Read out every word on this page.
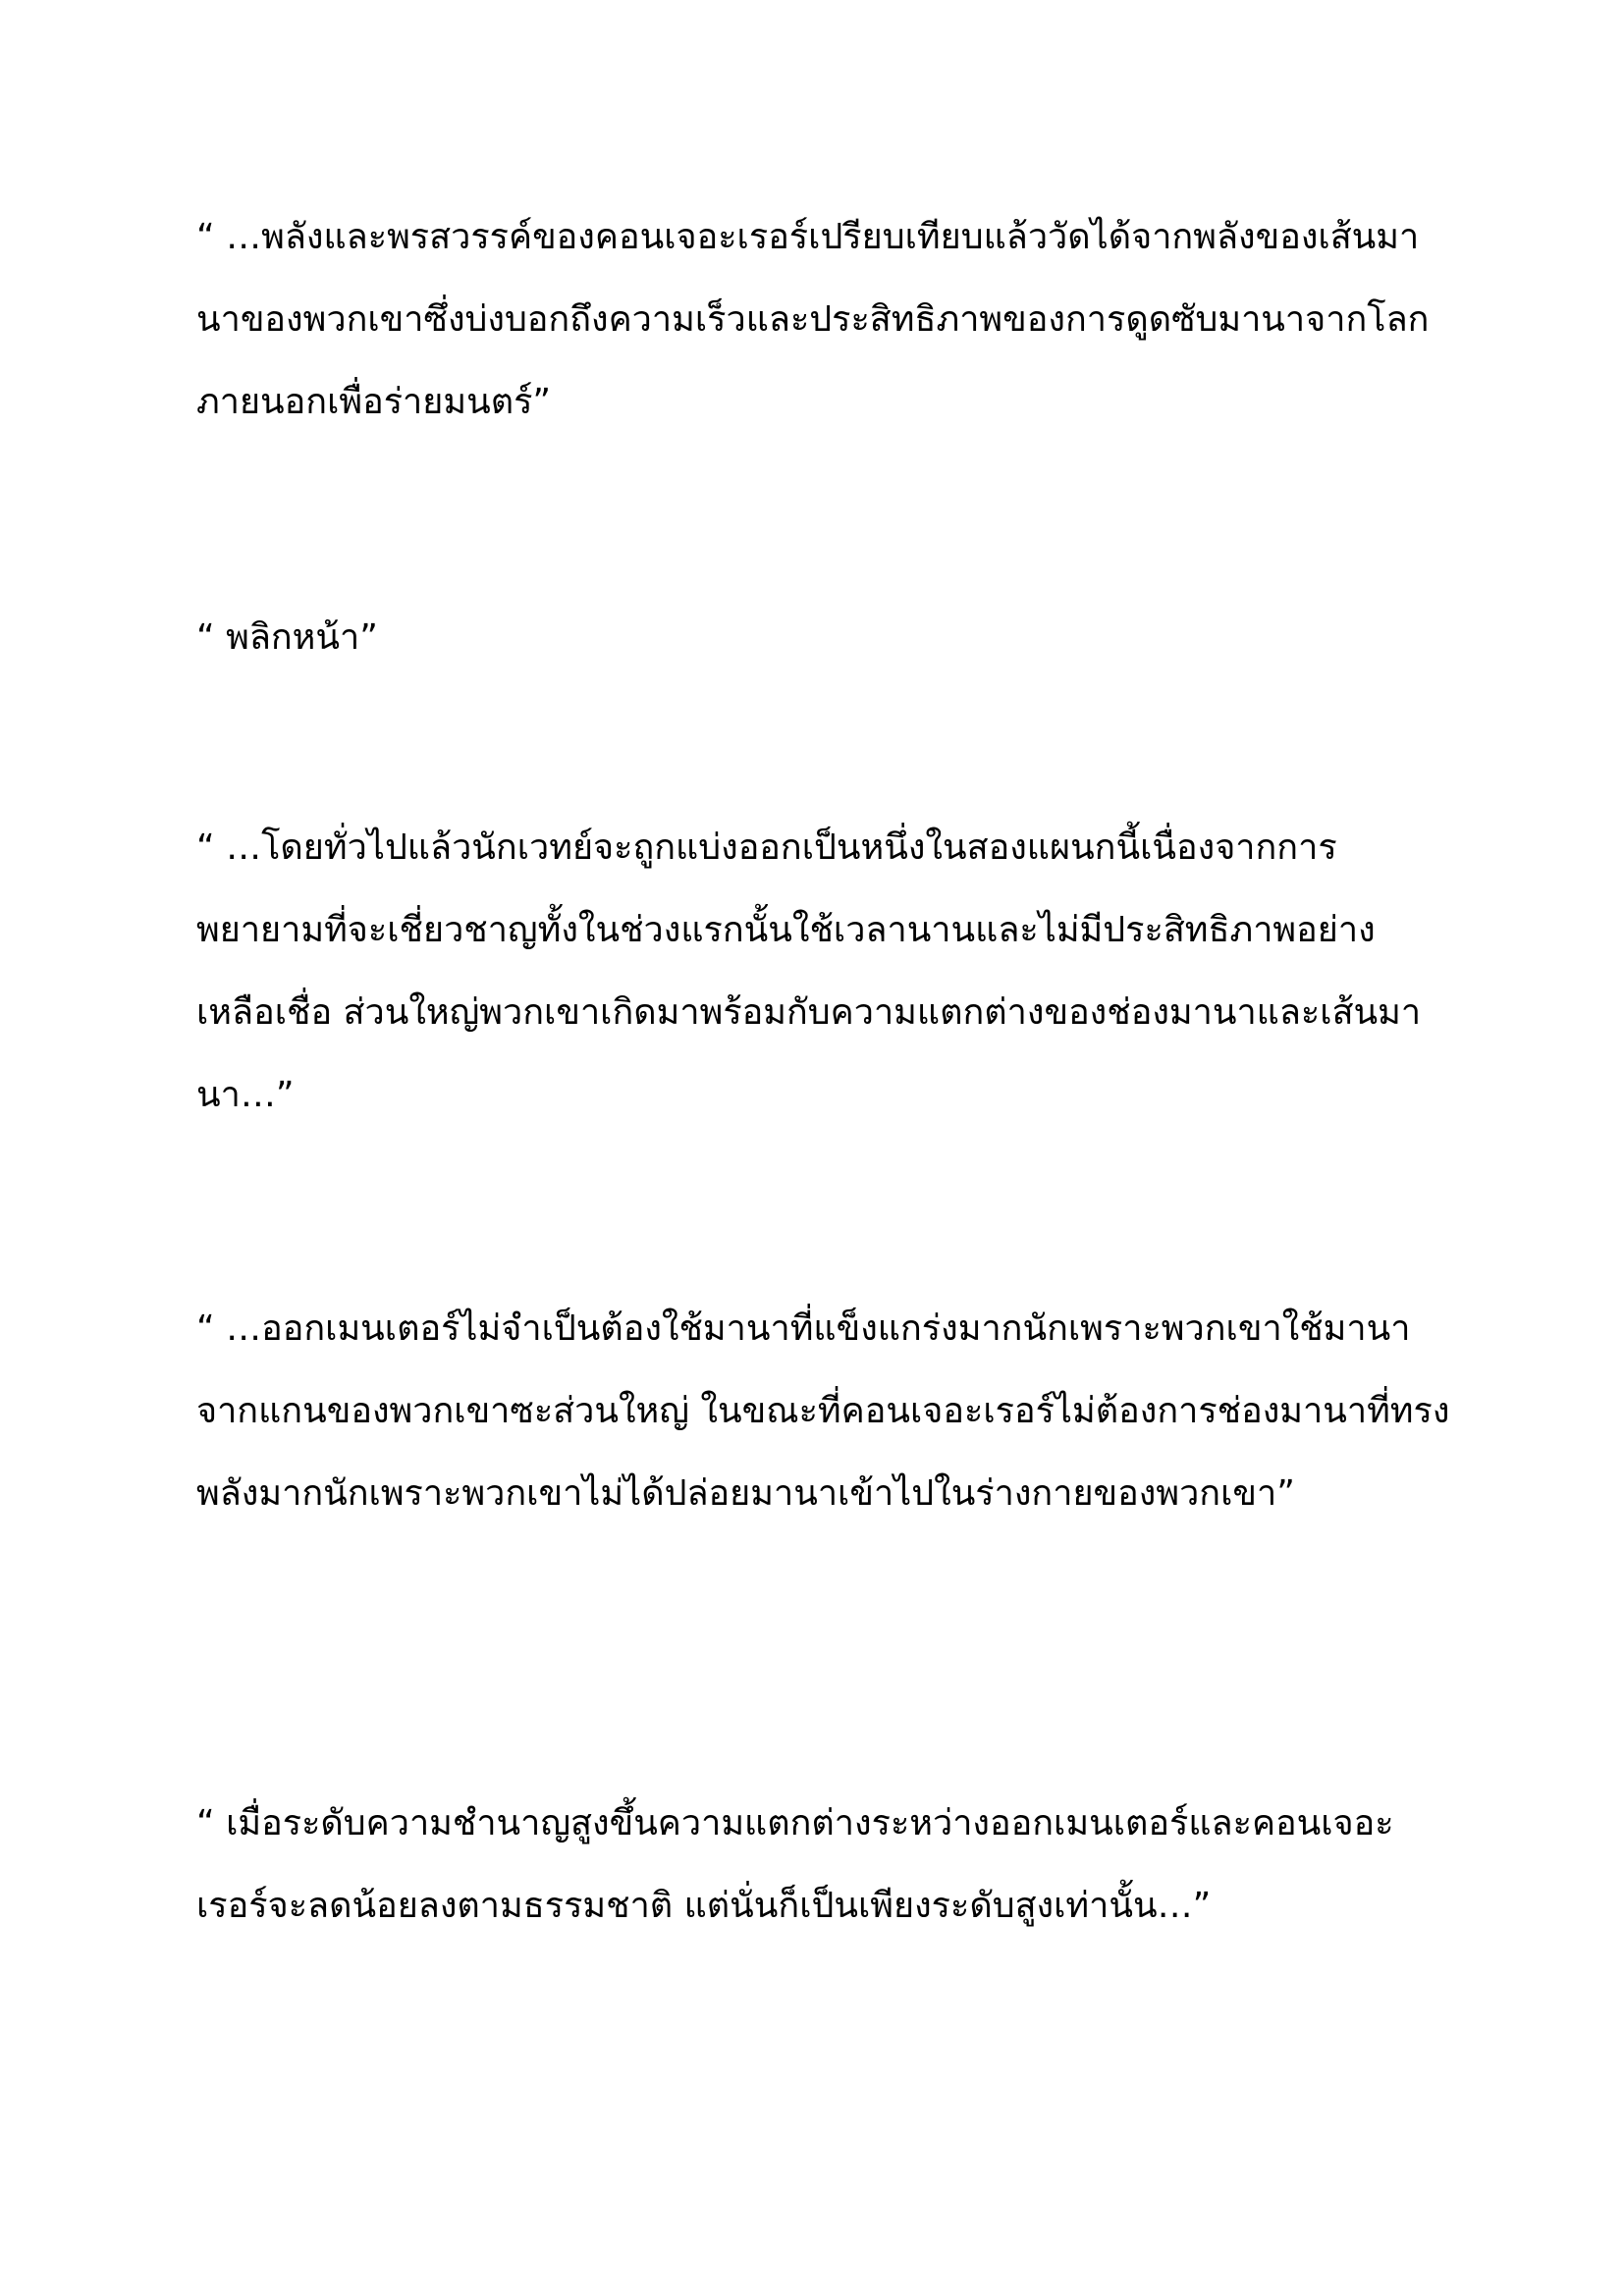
“ …พลังและพรสวรรค์ของคอนเจอะเรอร์เปรียบเทียบแล้ววัดได้จากพลังของเส้นมา
นาของพวกเขาซึ่งบ่งบอกถึงความเร็วและประสิทธิภาพของการดูดซับมานาจากโลก
ภายนอกเพื่อร่ายมนตร์”
“ พลิกหน้า”
“ …โดยทั่วไปแล้วนักเวทย์จะถูกแบ่งออกเป็นหนึ่งในสองแผนกนี้เนื่องจากการ
พยายามที่จะเชี่ยวชาญทั้งในช่วงแรกนั้นใช้เวลานานและไม่มีประสิทธิภาพอย่าง
เหลือเชื่อ ส่วนใหญ่พวกเขาเกิดมาพร้อมกับความแตกต่างของช่องมานาและเส้นมา
นา…”
“ …ออกเมนเตอร์ไม่จำเป็นต้องใช้มานาที่แข็งแกร่งมากนักเพราะพวกเขาใช้มานา
จากแกนของพวกเขาซะส่วนใหญ่ ในขณะที่คอนเจอะเรอร์ไม่ต้องการช่องมานาที่ทรง
พลังมากนักเพราะพวกเขาไม่ได้ปล่อยมานาเข้าไปในร่างกายของพวกเขา”
“ เมื่อระดับความชำนาญสูงขึ้นความแตกต่างระหว่างออกเมนเตอร์และคอนเจอะ
เรอร์จะลดน้อยลงตามธรรมชาติ แต่นั่นก็เป็นเพียงระดับสูงเท่านั้น…”
